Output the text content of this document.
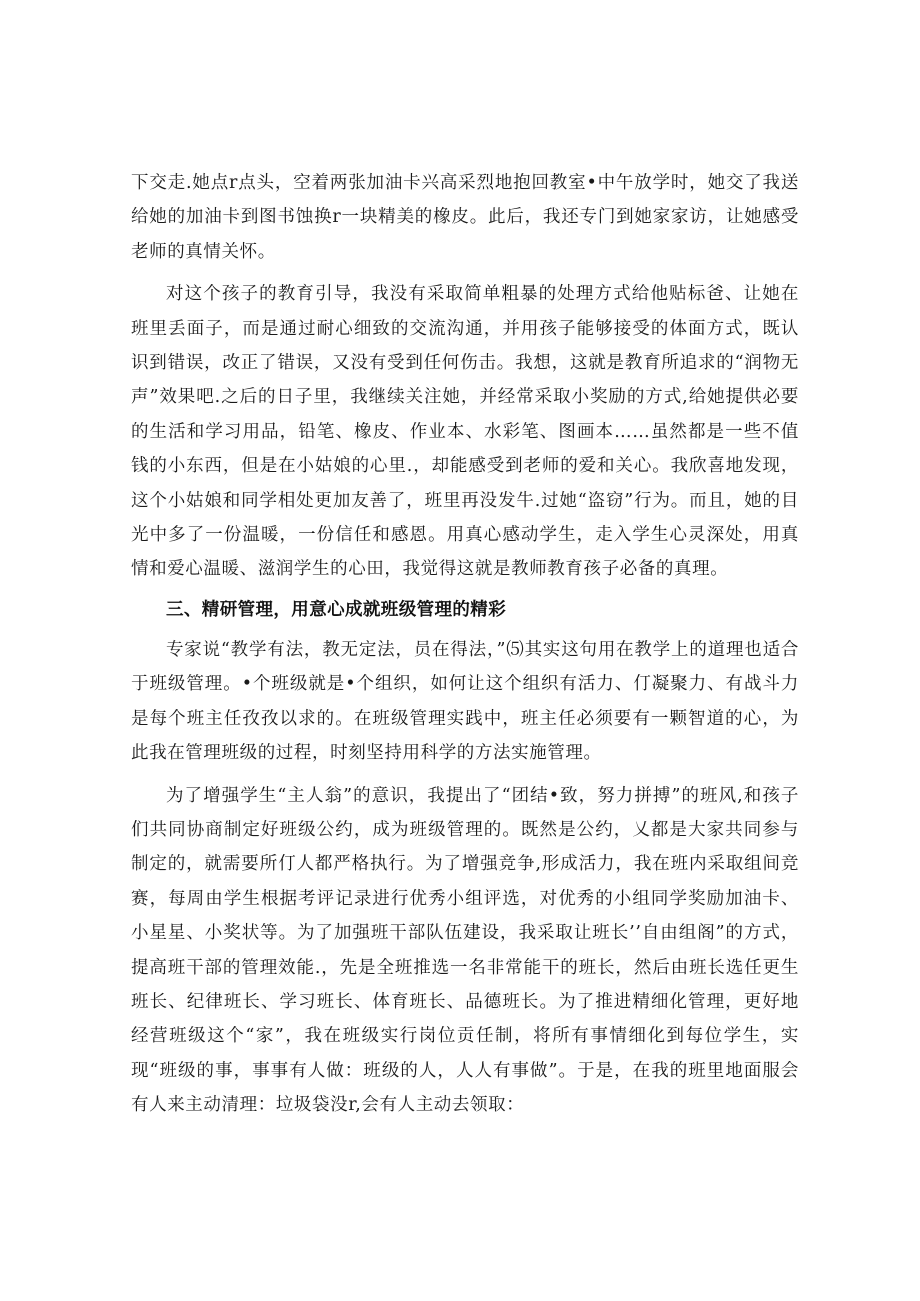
下交走.她点r点头，空着两张加油卡兴高采烈地抱回教室•中午放学时，她交了我送给她的加油卡到图书蚀换r一块精美的橡皮。此后，我还专门到她家家访，让她感受老师的真情关怀。

对这个孩子的教育引导，我没有采取简单粗暴的处理方式给他贴标爸、让她在班里丢面子，而是通过耐心细致的交流沟通，并用孩子能够接受的体面方式，既认识到错误，改正了错误，又没有受到任何伤击。我想，这就是教育所追求的“润物无声”效果吧.之后的日子里，我继续关注她，并经常采取小奖励的方式,给她提供必要的生活和学习用品，铅笔、橡皮、作业本、水彩笔、图画本……虽然都是一些不值钱的小东西，但是在小姑娘的心里.，却能感受到老师的爱和关心。我欣喜地发现，这个小姑娘和同学相处更加友善了，班里再没发牛.过她“盗窃”行为。而且，她的目光中多了一份温暖，一份信任和感恩。用真心感动学生，走入学生心灵深处，用真情和爱心温暖、滋润学生的心田，我觉得这就是教师教育孩子必备的真理。

三、精研管理，用意心成就班级管理的精彩

专家说“教学有法，教无定法，员在得法，”⑸其实这句用在教学上的道理也适合于班级管理。•个班级就是•个组织，如何让这个组织有活力、仃凝聚力、有战斗力是每个班主任孜孜以求的。在班级管理实践中，班主任必须要有一颗智道的心，为此我在管理班级的过程，时刻坚持用科学的方法实施管理。

为了增强学生“主人翁”的意识，我提出了“团结•致，努力拼搏”的班风,和孩子们共同协商制定好班级公约，成为班级管理的。既然是公约，乂都是大家共同参与制定的，就需要所仃人都严格执行。为了增强竞争,形成活力，我在班内采取组间竞赛，每周由学生根据考评记录进行优秀小组评选，对优秀的小组同学奖励加油卡、小星星、小奖状等。为了加强班干部队伍建设，我采取让班长’’自由组阁”的方式，提高班干部的管理效能.，先是全班推选一名非常能干的班长，然后由班长选任更生班长、纪律班长、学习班长、体育班长、品德班长。为了推进精细化管理，更好地经营班级这个“家”，我在班级实行岗位贡任制，将所有事情细化到每位学生，实现“班级的事，事事有人做：班级的人，人人有事做”。于是，在我的班里地面服会有人来主动清理：垃圾袋没r,会有人主动去领取：
